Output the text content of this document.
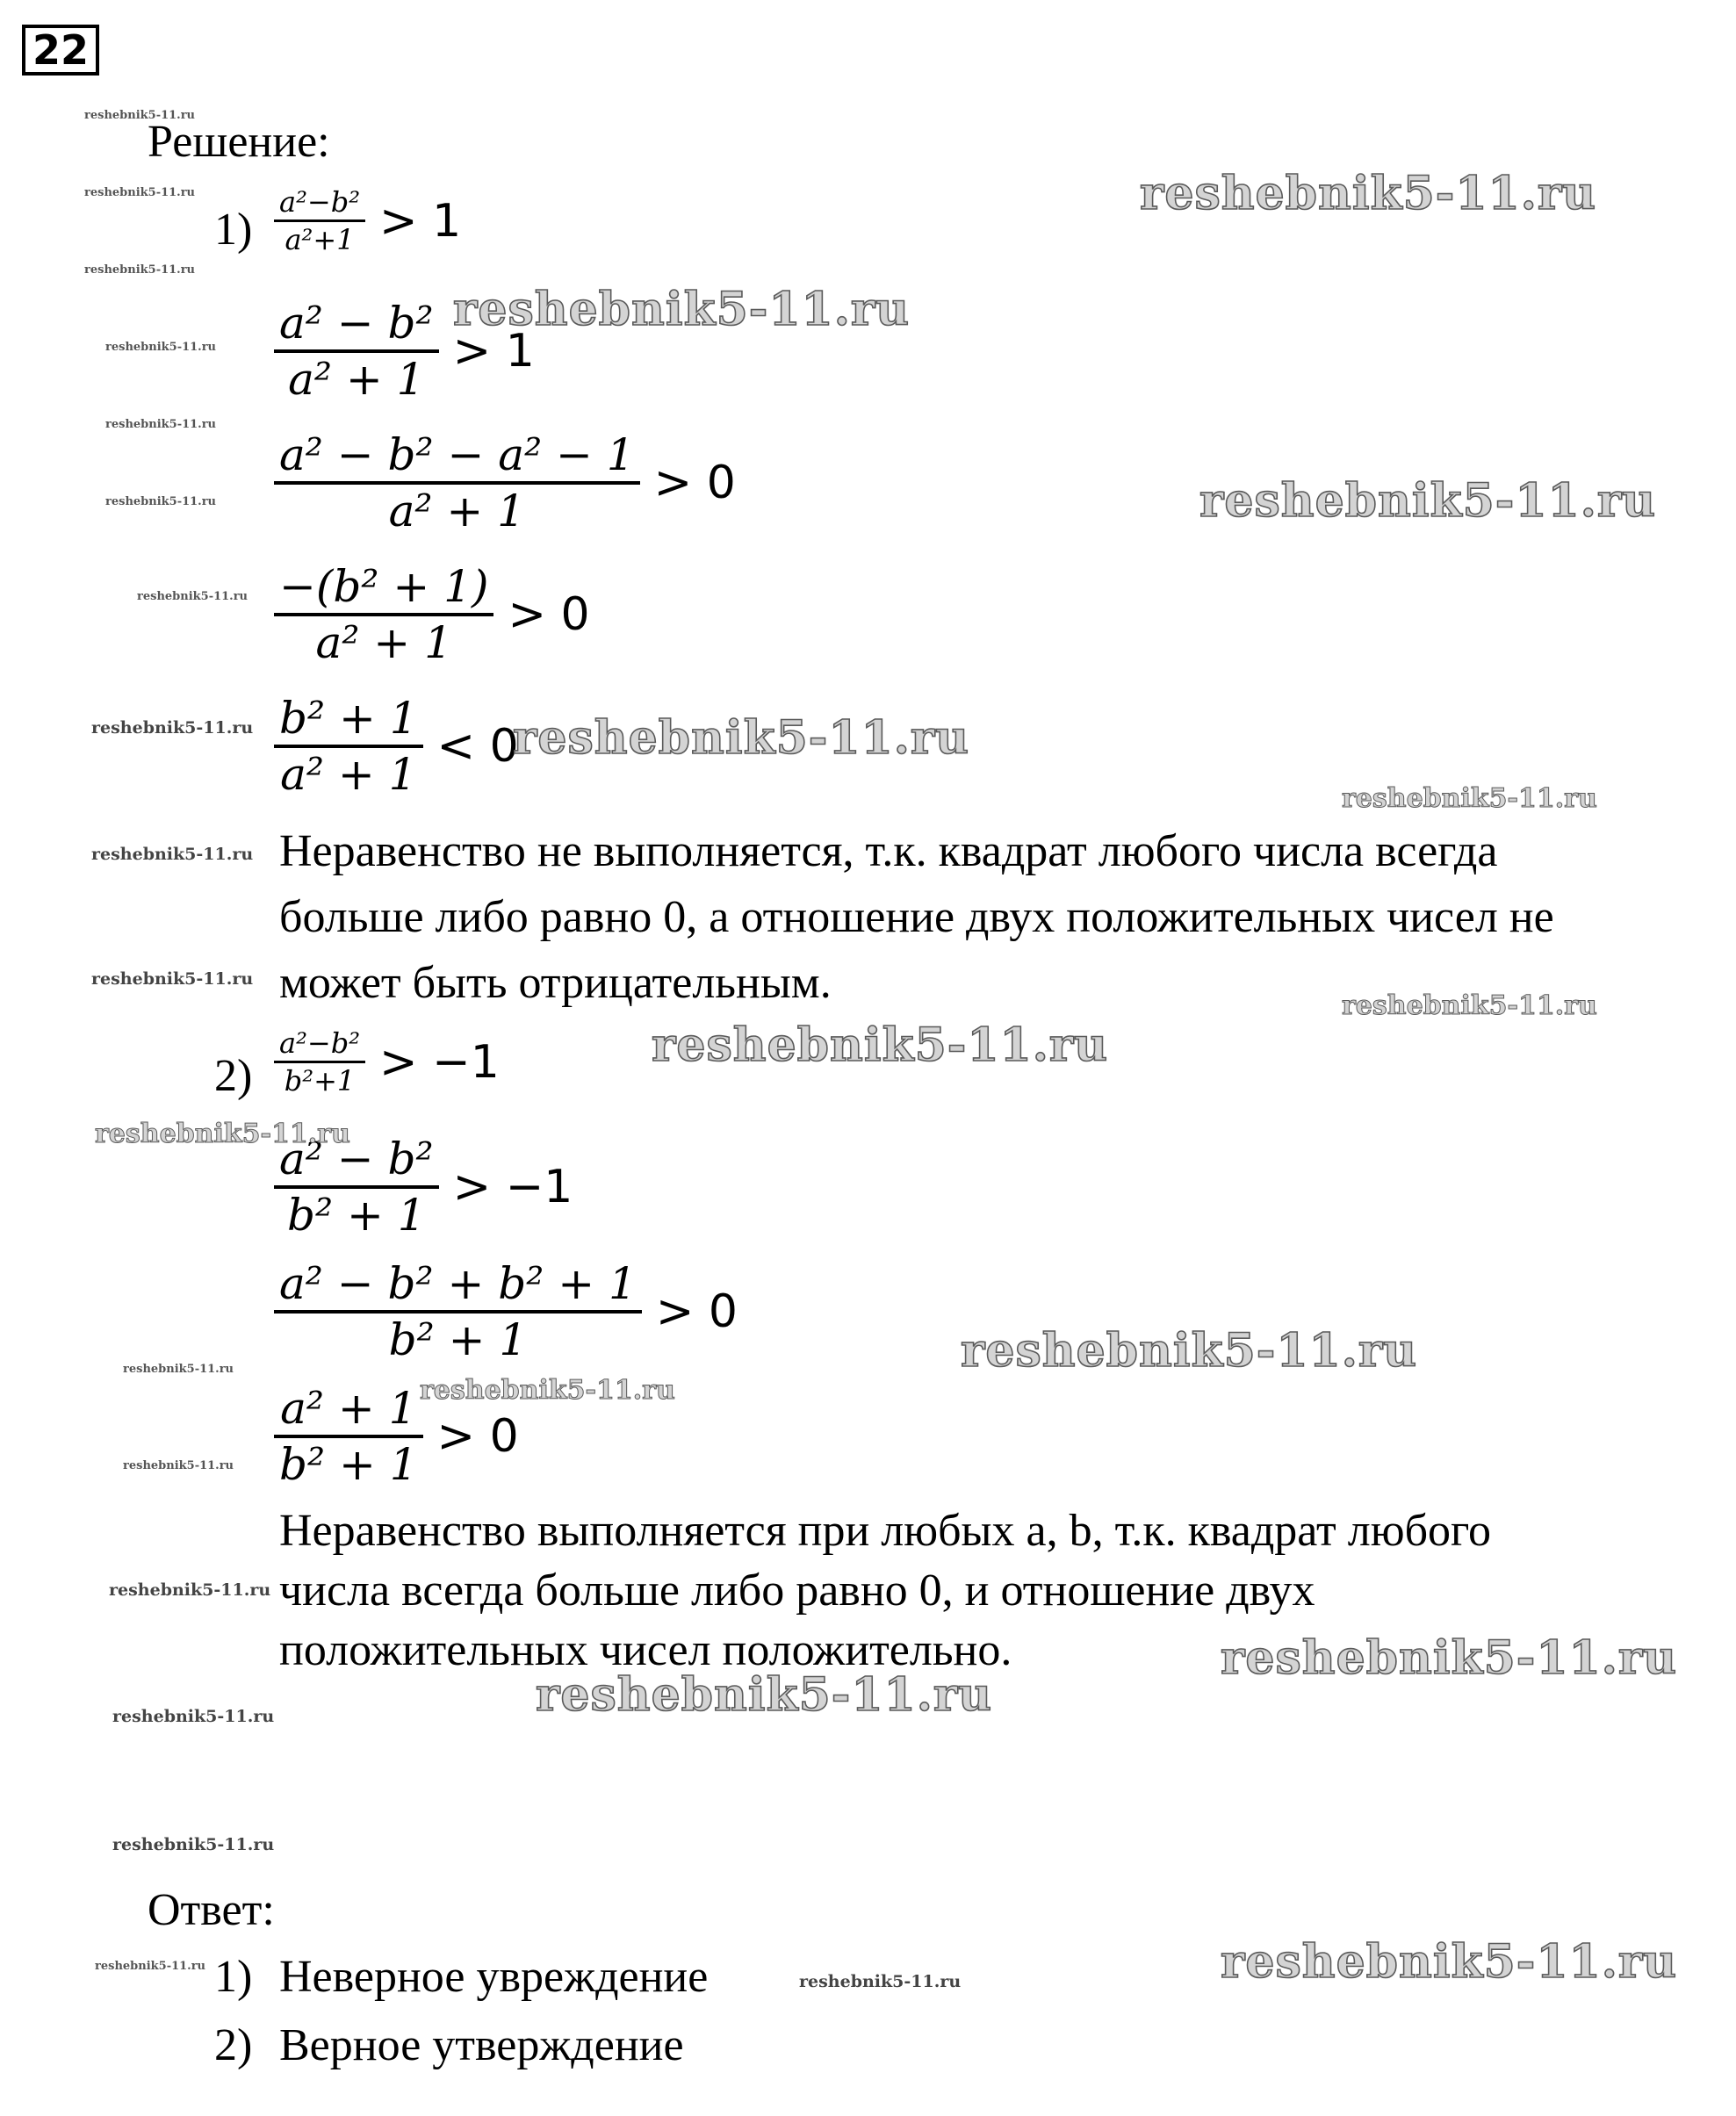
22
Решение:
$1) \frac{\text{a²−b²}}{\text{a²+1}} > 1$
$\frac{\text{a² − b²}}{\text{a² + 1}} > 1$
$\frac{\text{a² − b² − a² − 1}}{\text{a² + 1}} > 0$
$\frac{\text{−(b² + 1)}}{\text{a² + 1}} > 0$
$\frac{\text{b² + 1}}{\text{a² + 1}} < 0$
Неравенство не выполняется, т.к. квадрат любого числа всегда
больше либо равно 0, а отношение двух положительных чисел не
может быть отрицательным.
$2) \frac{\text{a²−b²}}{\text{b²+1}} > -1$
$\frac{\text{a² − b²}}{\text{b² + 1}} > -1$
$\frac{\text{a² − b² + b² + 1}}{\text{b² + 1}} > 0$
$\frac{\text{a² + 1}}{\text{b² + 1}} > 0$
Неравенство выполняется при любых a, b, т.к. квадрат любого
числа всегда больше либо равно 0, и отношение двух
положительных чисел положительно.
Ответ:
1) Неверное увреждение
2) Верное утверждение
reshebnik5-11.ru
reshebnik5-11.ru
reshebnik5-11.ru
reshebnik5-11.ru
reshebnik5-11.ru
reshebnik5-11.ru
reshebnik5-11.ru
reshebnik5-11.ru
reshebnik5-11.ru
reshebnik5-11.ru
reshebnik5-11.ru
reshebnik5-11.ru
reshebnik5-11.ru
reshebnik5-11.ru
reshebnik5-11.ru
reshebnik5-11.ru
reshebnik5-11.ru
reshebnik5-11.ru
reshebnik5-11.ru
reshebnik5-11.ru
reshebnik5-11.ru
reshebnik5-11.ru
reshebnik5-11.ru
reshebnik5-11.ru
reshebnik5-11.ru
reshebnik5-11.ru
reshebnik5-11.ru
reshebnik5-11.ru
reshebnik5-11.ru
reshebnik5-11.ru
